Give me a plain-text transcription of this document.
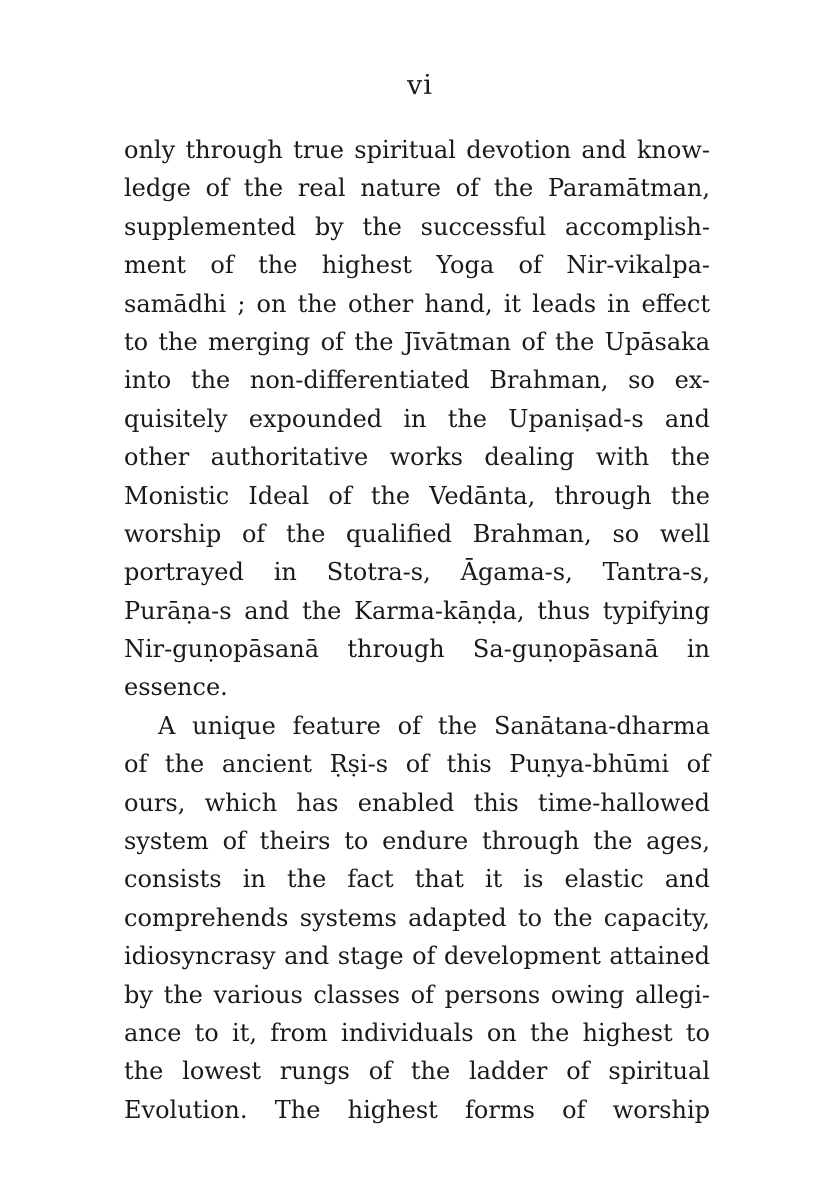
vi
only through true spiritual devotion and know-
ledge of the real nature of the Paramātman,
supplemented by the successful accomplish-
ment of the highest Yoga of Nir-vikalpa-
samādhi ; on the other hand, it leads in effect
to the merging of the Jīvātman of the Upāsaka
into the non-differentiated Brahman, so ex-
quisitely expounded in the Upaniṣad-s and
other authoritative works dealing with the
Monistic Ideal of the Vedānta, through the
worship of the qualified Brahman, so well
portrayed in Stotra-s, Āgama-s, Tantra-s,
Purāṇa-s and the Karma-kāṇḍa, thus typifying
Nir-guṇopāsanā through Sa-guṇopāsanā in
essence.
A unique feature of the Sanātana-dharma
of the ancient Ṛṣi-s of this Puṇya-bhūmi of
ours, which has enabled this time-hallowed
system of theirs to endure through the ages,
consists in the fact that it is elastic and
comprehends systems adapted to the capacity,
idiosyncrasy and stage of development attained
by the various classes of persons owing allegi-
ance to it, from individuals on the highest to
the lowest rungs of the ladder of spiritual
Evolution. The highest forms of worship
